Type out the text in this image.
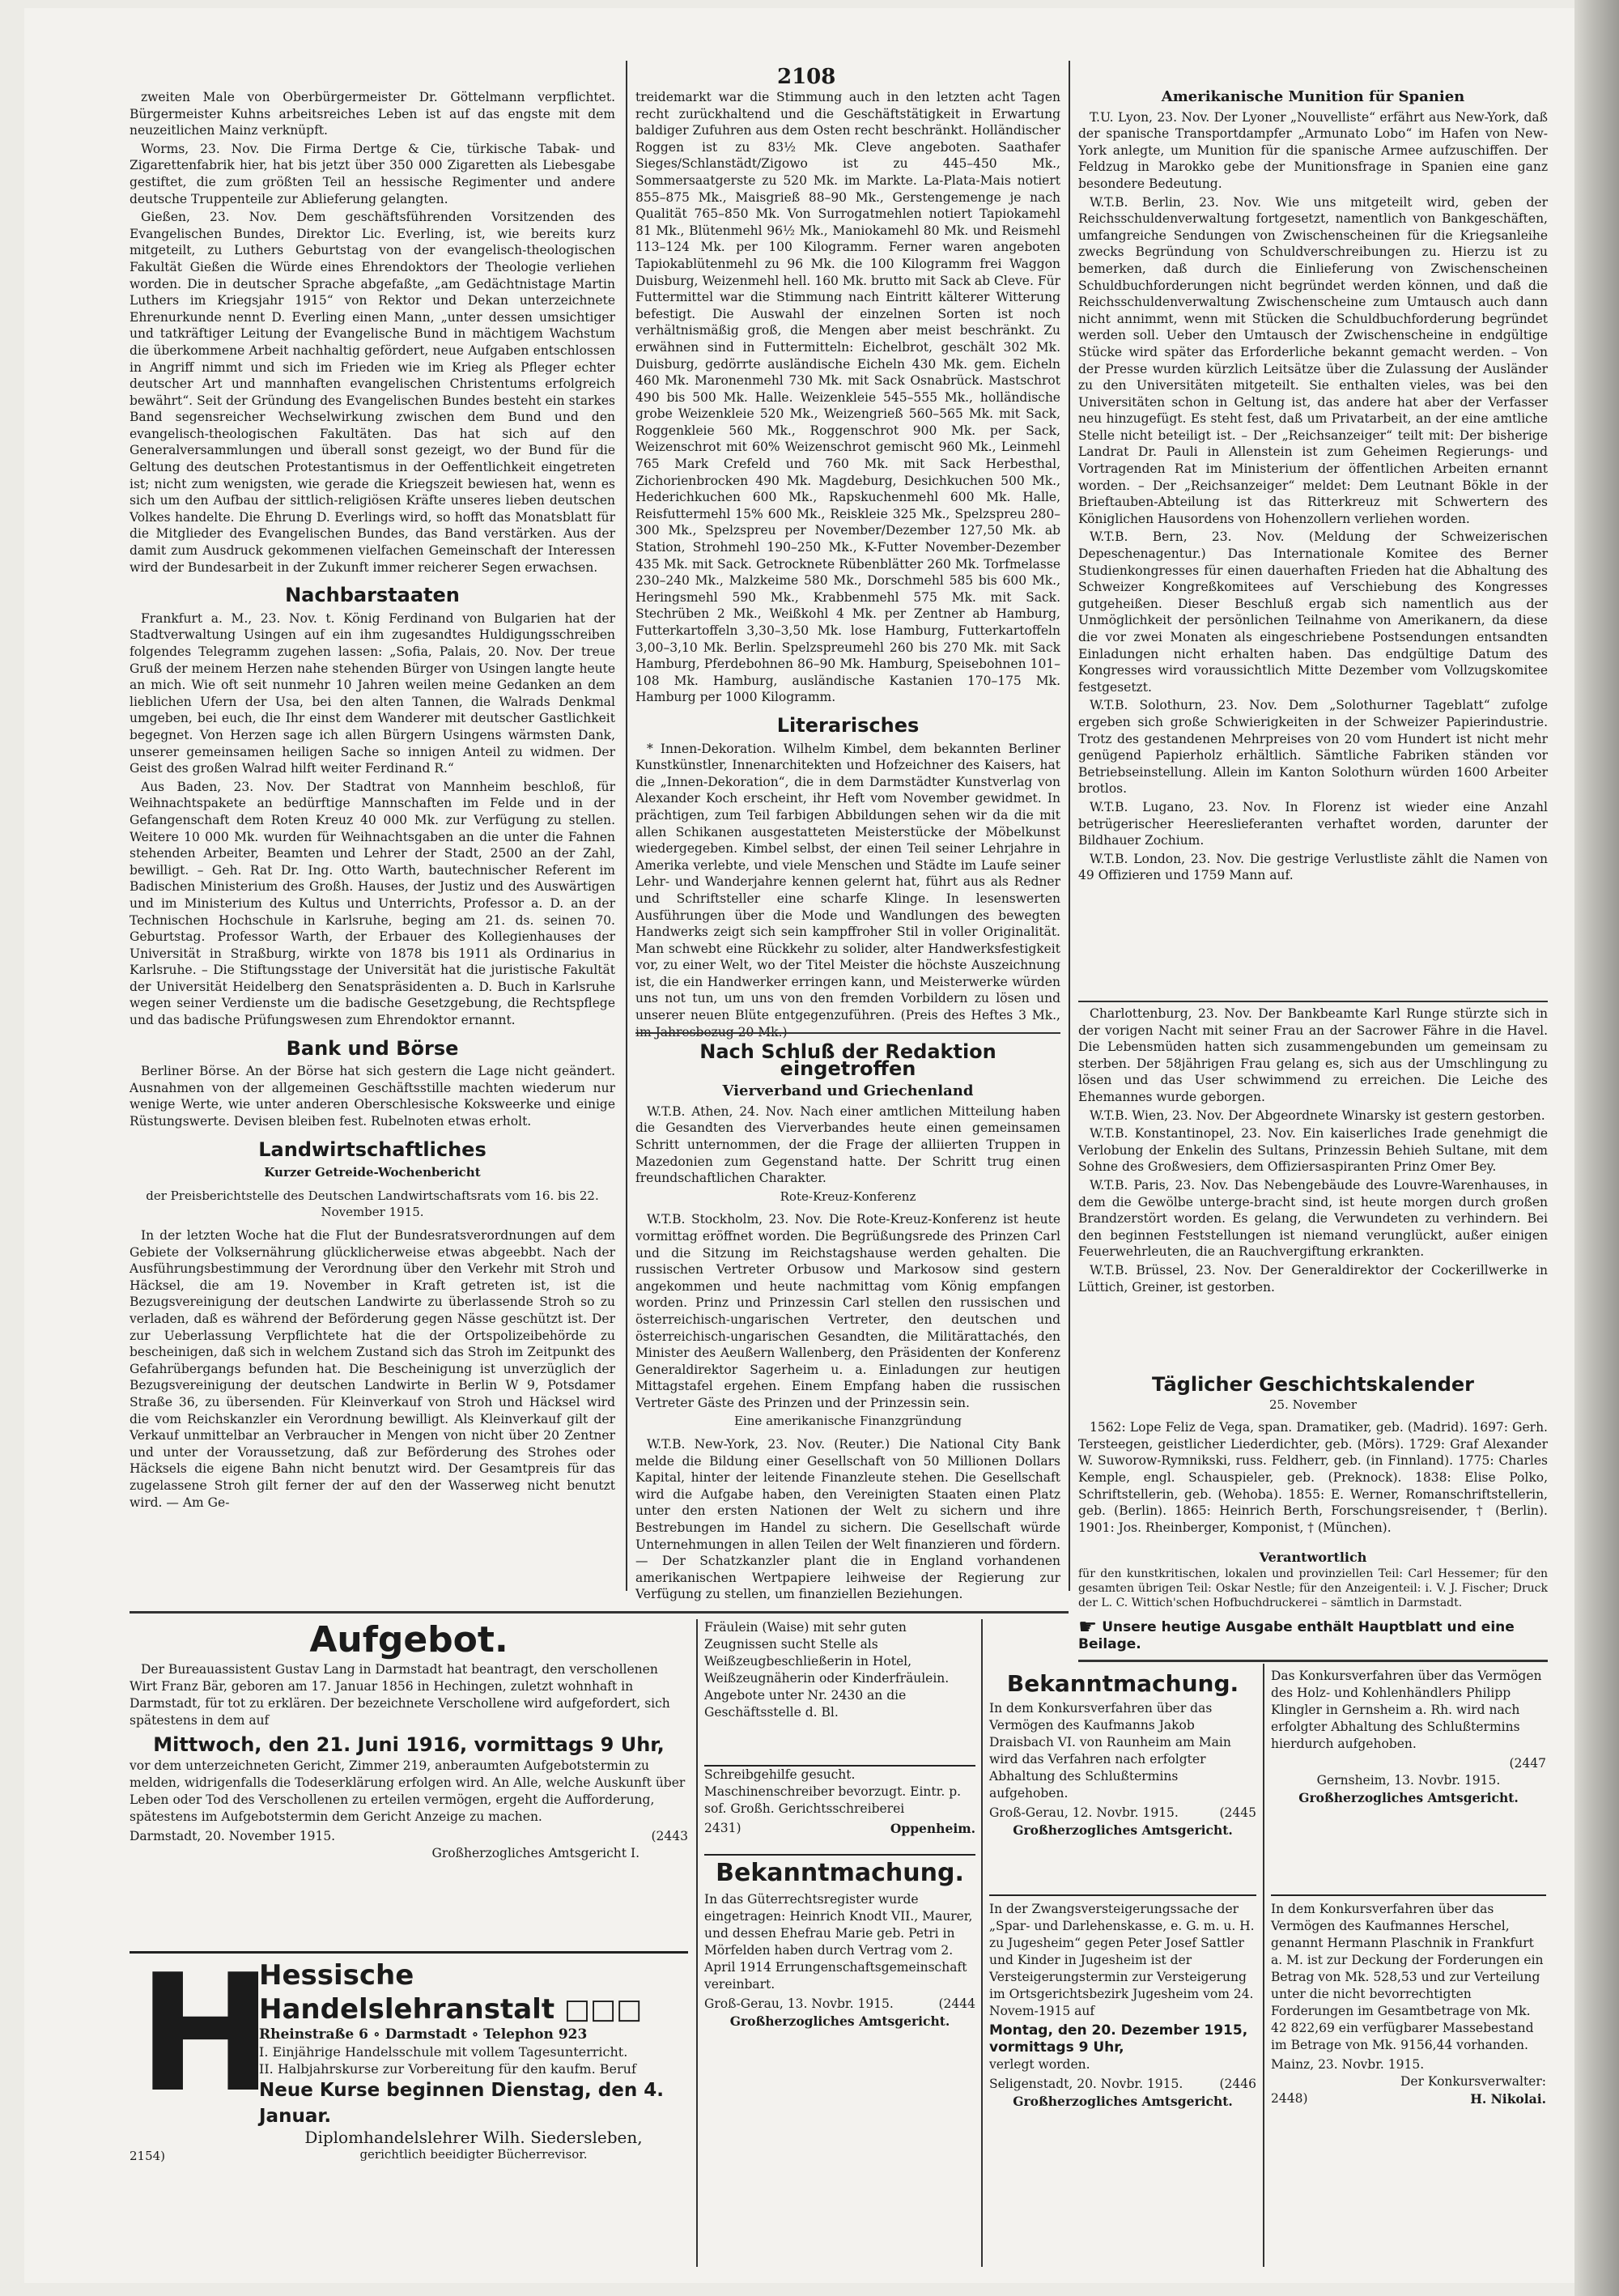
2108

zweiten Male von Oberbürgermeister Dr. Göttelmann verpflichtet. Bürgermeister Kuhns arbeitsreiches Leben ist auf das engste mit dem neuzeitlichen Mainz verknüpft.

Worms, 23. Nov. Die Firma Dertge & Cie, türkische Tabak- und Zigarettenfabrik hier, hat bis jetzt über 350 000 Zigaretten als Liebesgabe gestiftet, die zum größten Teil an hessische Regimenter und andere deutsche Truppenteile zur Ablieferung gelangten.

Gießen, 23. Nov. Dem geschäftsführenden Vorsitzenden des Evangelischen Bundes, Direktor Lic. Everling, ist, wie bereits kurz mitgeteilt, zu Luthers Geburtstag von der evangelisch-theologischen Fakultät Gießen die Würde eines Ehrendoktors der Theologie verliehen worden. Die in deutscher Sprache abgefaßte, „am Gedächtnistage Martin Luthers im Kriegsjahr 1915“ von Rektor und Dekan unterzeichnete Ehrenurkunde nennt D. Everling einen Mann, „unter dessen umsichtiger und tatkräftiger Leitung der Evangelische Bund in mächtigem Wachstum die überkommene Arbeit nachhaltig gefördert, neue Aufgaben entschlossen in Angriff nimmt und sich im Frieden wie im Krieg als Pfleger echter deutscher Art und mannhaften evangelischen Christentums erfolgreich bewährt“. Seit der Gründung des Evangelischen Bundes besteht ein starkes Band segensreicher Wechselwirkung zwischen dem Bund und den evangelisch-theologischen Fakultäten. Das hat sich auf den Generalversammlungen und überall sonst gezeigt, wo der Bund für die Geltung des deutschen Protestantismus in der Oeffentlichkeit eingetreten ist; nicht zum wenigsten, wie gerade die Kriegszeit bewiesen hat, wenn es sich um den Aufbau der sittlich-religiösen Kräfte unseres lieben deutschen Volkes handelte. Die Ehrung D. Everlings wird, so hofft das Monatsblatt für die Mitglieder des Evangelischen Bundes, das Band verstärken. Aus der damit zum Ausdruck gekommenen vielfachen Gemeinschaft der Interessen wird der Bundesarbeit in der Zukunft immer reicherer Segen erwachsen.

Nachbarstaaten

Frankfurt a. M., 23. Nov. t. König Ferdinand von Bulgarien hat der Stadtverwaltung Usingen auf ein ihm zugesandtes Huldigungsschreiben folgendes Telegramm zugehen lassen: „Sofia, Palais, 20. Nov. Der treue Gruß der meinem Herzen nahe stehenden Bürger von Usingen langte heute an mich. Wie oft seit nunmehr 10 Jahren weilen meine Gedanken an dem lieblichen Ufern der Usa, bei den alten Tannen, die Walrads Denkmal umgeben, bei euch, die Ihr einst dem Wanderer mit deutscher Gastlichkeit begegnet. Von Herzen sage ich allen Bürgern Usingens wärmsten Dank, unserer gemeinsamen heiligen Sache so innigen Anteil zu widmen. Der Geist des großen Walrad hilft weiter Ferdinand R.“

Aus Baden, 23. Nov. Der Stadtrat von Mannheim beschloß, für Weihnachtspakete an bedürftige Mannschaften im Felde und in der Gefangenschaft dem Roten Kreuz 40 000 Mk. zur Verfügung zu stellen. Weitere 10 000 Mk. wurden für Weihnachtsgaben an die unter die Fahnen stehenden Arbeiter, Beamten und Lehrer der Stadt, 2500 an der Zahl, bewilligt. – Geh. Rat Dr. Ing. Otto Warth, bautechnischer Referent im Badischen Ministerium des Großh. Hauses, der Justiz und des Auswärtigen und im Ministerium des Kultus und Unterrichts, Professor a. D. an der Technischen Hochschule in Karlsruhe, beging am 21. ds. seinen 70. Geburtstag. Professor Warth, der Erbauer des Kollegienhauses der Universität in Straßburg, wirkte von 1878 bis 1911 als Ordinarius in Karlsruhe. – Die Stiftungsstage der Universität hat die juristische Fakultät der Universität Heidelberg den Senatspräsidenten a. D. Buch in Karlsruhe wegen seiner Verdienste um die badische Gesetzgebung, die Rechtspflege und das badische Prüfungswesen zum Ehrendoktor ernannt.

Bank und Börse

Berliner Börse. An der Börse hat sich gestern die Lage nicht geändert. Ausnahmen von der allgemeinen Geschäftsstille machten wiederum nur wenige Werte, wie unter anderen Oberschlesische Koksweerke und einige Rüstungswerte. Devisen bleiben fest. Rubelnoten etwas erholt.

Landwirtschaftliches
Kurzer Getreide-Wochenbericht
der Preisberichtstelle des Deutschen Landwirtschaftsrats vom 16. bis 22. November 1915.

In der letzten Woche hat die Flut der Bundesratsverordnungen auf dem Gebiete der Volksernährung glücklicherweise etwas abgeebbt. Nach der Ausführungsbestimmung der Verordnung über den Verkehr mit Stroh und Häcksel, die am 19. November in Kraft getreten ist, ist die Bezugsvereinigung der deutschen Landwirte zu überlassende Stroh so zu verladen, daß es während der Beförderung gegen Nässe geschützt ist. Der zur Ueberlassung Verpflichtete hat die der Ortspolizeibehörde zu bescheinigen, daß sich in welchem Zustand sich das Stroh im Zeitpunkt des Gefahrübergangs befunden hat. Die Bescheinigung ist unverzüglich der Bezugsvereinigung der deutschen Landwirte in Berlin W 9, Potsdamer Straße 36, zu übersenden. Für Kleinverkauf von Stroh und Häcksel wird die vom Reichskanzler ein Verordnung bewilligt. Als Kleinverkauf gilt der Verkauf unmittelbar an Verbraucher in Mengen von nicht über 20 Zentner und unter der Voraussetzung, daß zur Beförderung des Strohes oder Häcksels die eigene Bahn nicht benutzt wird. Der Gesamtpreis für das zugelassene Stroh gilt ferner der auf den der Wasserweg nicht benutzt wird. — Am Ge-

treidemarkt war die Stimmung auch in den letzten acht Tagen recht zurückhaltend und die Geschäftstätigkeit in Erwartung baldiger Zufuhren aus dem Osten recht beschränkt. Holländischer Roggen ist zu 83½ Mk. Cleve angeboten. Saathafer Sieges/Schlanstädt/Zigowo ist zu 445–450 Mk., Sommersaatgerste zu 520 Mk. im Markte. La-Plata-Mais notiert 855–875 Mk., Maisgrieß 88–90 Mk., Gerstengemenge je nach Qualität 765–850 Mk. Von Surrogatmehlen notiert Tapiokamehl 81 Mk., Blütenmehl 96½ Mk., Maniokamehl 80 Mk. und Reismehl 113–124 Mk. per 100 Kilogramm. Ferner waren angeboten Tapiokablütenmehl zu 96 Mk. die 100 Kilogramm frei Waggon Duisburg, Weizenmehl hell. 160 Mk. brutto mit Sack ab Cleve. Für Futtermittel war die Stimmung nach Eintritt kälterer Witterung befestigt. Die Auswahl der einzelnen Sorten ist noch verhältnismäßig groß, die Mengen aber meist beschränkt. Zu erwähnen sind in Futtermitteln: Eichelbrot, geschält 302 Mk. Duisburg, gedörrte ausländische Eicheln 430 Mk. gem. Eicheln 460 Mk. Maronenmehl 730 Mk. mit Sack Osnabrück. Mastschrot 490 bis 500 Mk. Halle. Weizenkleie 545–555 Mk., holländische grobe Weizenkleie 520 Mk., Weizengrieß 560–565 Mk. mit Sack, Roggenkleie 560 Mk., Roggenschrot 900 Mk. per Sack, Weizenschrot mit 60% Weizenschrot gemischt 960 Mk., Leinmehl 765 Mark Crefeld und 760 Mk. mit Sack Herbesthal, Zichorienbrocken 490 Mk. Magdeburg, Desichkuchen 500 Mk., Hederichkuchen 600 Mk., Rapskuchenmehl 600 Mk. Halle, Reisfuttermehl 15% 600 Mk., Reiskleie 325 Mk., Spelzspreu 280–300 Mk., Spelzspreu per November/Dezember 127,50 Mk. ab Station, Strohmehl 190–250 Mk., K-Futter November-Dezember 435 Mk. mit Sack. Getrocknete Rübenblätter 260 Mk. Torfmelasse 230–240 Mk., Malzkeime 580 Mk., Dorschmehl 585 bis 600 Mk., Heringsmehl 590 Mk., Krabbenmehl 575 Mk. mit Sack. Stechrüben 2 Mk., Weißkohl 4 Mk. per Zentner ab Hamburg, Futterkartoffeln 3,30–3,50 Mk. lose Hamburg, Futterkartoffeln 3,00–3,10 Mk. Berlin. Spelzspreumehl 260 bis 270 Mk. mit Sack Hamburg, Pferdebohnen 86–90 Mk. Hamburg, Speisebohnen 101–108 Mk. Hamburg, ausländische Kastanien 170–175 Mk. Hamburg per 1000 Kilogramm.

Literarisches

* Innen-Dekoration. Wilhelm Kimbel, dem bekannten Berliner Kunstkünstler, Innenarchitekten und Hofzeichner des Kaisers, hat die „Innen-Dekoration“, die in dem Darmstädter Kunstverlag von Alexander Koch erscheint, ihr Heft vom November gewidmet. In prächtigen, zum Teil farbigen Abbildungen sehen wir da die mit allen Schikanen ausgestatteten Meisterstücke der Möbelkunst wiedergegeben. Kimbel selbst, der einen Teil seiner Lehrjahre in Amerika verlebte, und viele Menschen und Städte im Laufe seiner Lehr- und Wanderjahre kennen gelernt hat, führt aus als Redner und Schriftsteller eine scharfe Klinge. In lesenswerten Ausführungen über die Mode und Wandlungen des bewegten Handwerks zeigt sich sein kampffroher Stil in voller Originalität. Man schwebt eine Rückkehr zu solider, alter Handwerksfestigkeit vor, zu einer Welt, wo der Titel Meister die höchste Auszeichnung ist, die ein Handwerker erringen kann, und Meisterwerke würden uns not tun, um uns von den fremden Vorbildern zu lösen und unserer neuen Blüte entgegenzuführen. (Preis des Heftes 3 Mk.,

Nach Schluß der Redaktion eingetroffen
Vierverband und Griechenland

W.T.B. Athen, 24. Nov. Nach einer amtlichen Mitteilung haben die Gesandten des Vierverbandes heute einen gemeinsamen Schritt unternommen, der die Frage der alliierten Truppen in Mazedonien zum Gegenstand hatte. Der Schritt trug einen freundschaftlichen Charakter.

Rote-Kreuz-Konferenz

W.T.B. Stockholm, 23. Nov. Die Rote-Kreuz-Konferenz ist heute vormittag eröffnet worden. Die Begrüßungsrede des Prinzen Carl und die Sitzung im Reichstagshause werden gehalten. Die russischen Vertreter Orbusow und Markosow sind gestern angekommen und heute nachmittag vom König empfangen worden. Prinz und Prinzessin Carl stellen den russischen und österreichisch-ungarischen Vertreter, den deutschen und österreichisch-ungarischen Gesandten, die Militärattachés, den Minister des Aeußern Wallenberg, den Präsidenten der Konferenz Generaldirektor Sagerheim u. a. Einladungen zur heutigen Mittagstafel ergehen. Einem Empfang haben die russischen Vertreter Gäste des Prinzen und der Prinzessin sein.

Eine amerikanische Finanzgründung

W.T.B. New-York, 23. Nov. (Reuter.) Die National City Bank melde die Bildung einer Gesellschaft von 50 Millionen Dollars Kapital, hinter der leitende Finanzleute stehen. Die Gesellschaft wird die Aufgabe haben, den Vereinigten Staaten einen Platz unter den ersten Nationen der Welt zu sichern und ihre Bestrebungen im Handel zu sichern. Die Gesellschaft würde Unternehmungen in allen Teilen der Welt finanzieren und fördern. — Der Schatzkanzler plant die in England vorhandenen amerikanischen Wertpapiere leihweise der Regierung zur Verfügung zu stellen, um finanziellen Beziehungen.

Amerikanische Munition für Spanien

T.U. Lyon, 23. Nov. Der Lyoner „Nouvelliste“ erfährt aus New-York, daß der spanische Transportdampfer „Armunato Lobo“ im Hafen von New-York anlegte, um Munition für die spanische Armee aufzuschiffen. Der Feldzug in Marokko gebe der Munitionsfrage in Spanien eine ganz besondere Bedeutung.

W.T.B. Berlin, 23. Nov. Wie uns mitgeteilt wird, geben der Reichsschuldenverwaltung fortgesetzt, namentlich von Bankgeschäften, umfangreiche Sendungen von Zwischenscheinen für die Kriegsanleihe zwecks Begründung von Schuldverschreibungen zu. Hierzu ist zu bemerken, daß durch die Einlieferung von Zwischenscheinen Schuldbuchforderungen nicht begründet werden können, und daß die Reichsschuldenverwaltung Zwischenscheine zum Umtausch auch dann nicht annimmt, wenn mit Stücken die Schuldbuchforderung begründet werden soll. Ueber den Umtausch der Zwischenscheine in endgültige Stücke wird später das Erforderliche bekannt gemacht werden. – Von der Presse wurden kürzlich Leitsätze über die Zulassung der Ausländer zu den Universitäten mitgeteilt. Sie enthalten vieles, was bei den Universitäten schon in Geltung ist, das andere hat aber der Verfasser neu hinzugefügt. Es steht fest, daß um Privatarbeit, an der eine amtliche Stelle nicht beteiligt ist. – Der „Reichsanzeiger“ teilt mit: Der bisherige Landrat Dr. Pauli in Allenstein ist zum Geheimen Regierungs- und Vortragenden Rat im Ministerium der öffentlichen Arbeiten ernannt worden. – Der „Reichsanzeiger“ meldet: Dem Leutnant Bökle in der Brieftauben-Abteilung ist das Ritterkreuz mit Schwertern des Königlichen Hausordens von Hohenzollern verliehen worden.

W.T.B. Bern, 23. Nov. (Meldung der Schweizerischen Depeschenagentur.) Das Internationale Komitee des Berner Studienkongresses für einen dauerhaften Frieden hat die Abhaltung des Schweizer Kongreßkomitees auf Verschiebung des Kongresses gutgeheißen. Dieser Beschluß ergab sich namentlich aus der Unmöglichkeit der persönlichen Teilnahme von Amerikanern, da diese die vor zwei Monaten als eingeschriebene Postsendungen entsandten Einladungen nicht erhalten haben. Das endgültige Datum des Kongresses wird voraussichtlich Mitte Dezember vom Vollzugskomitee festgesetzt.

W.T.B. Solothurn, 23. Nov. Dem „Solothurner Tageblatt“ zufolge ergeben sich große Schwierigkeiten in der Schweizer Papierindustrie. Trotz des gestandenen Mehrpreises von 20 vom Hundert ist nicht mehr genügend Papierholz erhältlich. Sämtliche Fabriken ständen vor Betriebseinstellung. Allein im Kanton Solothurn würden 1600 Arbeiter brotlos.

W.T.B. Lugano, 23. Nov. In Florenz ist wieder eine Anzahl betrügerischer Heereslieferanten verhaftet worden, darunter der Bildhauer Zochium.

W.T.B. London, 23. Nov. Die gestrige Verlustliste zählt die Namen von 49 Offizieren und 1759 Mann auf.

Charlottenburg, 23. Nov. Der Bankbeamte Karl Runge stürzte sich in der vorigen Nacht mit seiner Frau an der Sacrower Fähre in die Havel. Die Lebensmüden hatten sich zusammengebunden um gemeinsam zu sterben. Der 58jährigen Frau gelang es, sich aus der Umschlingung zu lösen und das User schwimmend zu erreichen. Die Leiche des Ehemannes wurde geborgen.

W.T.B. Wien, 23. Nov. Der Abgeordnete Winarsky ist gestern gestorben.

W.T.B. Konstantinopel, 23. Nov. Ein kaiserliches Irade genehmigt die Verlobung der Enkelin des Sultans, Prinzessin Behieh Sultane, mit dem Sohne des Großwesiers, dem Offiziersaspiranten Prinz Omer Bey.

W.T.B. Paris, 23. Nov. Das Nebengebäude des Louvre-Warenhauses, in dem die Gewölbe unterge-bracht sind, ist heute morgen durch großen Brandzerstört worden. Es gelang, die Verwundeten zu verhindern. Bei den beginnen Feststellungen ist niemand verunglückt, außer einigen Feuerwehrleuten, die an Rauchvergiftung erkrankten.

W.T.B. Brüssel, 23. Nov. Der Generaldirektor der Cockerillwerke in Lüttich, Greiner, ist gestorben.

Täglicher Geschichtskalender
25. November

1562: Lope Feliz de Vega, span. Dramatiker, geb. (Madrid). 1697: Gerh. Tersteegen, geistlicher Liederdichter, geb. (Mörs). 1729: Graf Alexander W. Suworow-Rymnikski, russ. Feldherr, geb. (in Finnland). 1775: Charles Kemple, engl. Schauspieler, geb. (Preknock). 1838: Elise Polko, Schriftstellerin, geb. (Wehoba). 1855: E. Werner, Romanschriftstellerin, geb. (Berlin). 1865: Heinrich Berth, Forschungsreisender, † (Berlin). 1901: Jos. Rheinberger, Komponist, † (München).

Verantwortlich

für den kunstkritischen, lokalen und provinziellen Teil: Carl Hessemer; für den gesamten übrigen Teil: Oskar Nestle; für den Anzeigenteil: i. V. J. Fischer; Druck der L. C. Wittich'schen Hofbuchdruckerei – sämtlich in Darmstadt.

☛ Unsere heutige Ausgabe enthält Hauptblatt und eine Beilage.
Aufgebot.

Der Bureauassistent Gustav Lang in Darmstadt hat beantragt, den verschollenen Wirt Franz Bär, geboren am 17. Januar 1856 in Hechingen, zuletzt wohnhaft in Darmstadt, für tot zu erklären. Der bezeichnete Verschollene wird aufgefordert, sich spätestens in dem auf

Mittwoch, den 21. Juni 1916, vormittags 9 Uhr,

vor dem unterzeichneten Gericht, Zimmer 219, anberaumten Aufgebotstermin zu melden, widrigenfalls die Todeserklärung erfolgen wird. An Alle, welche Auskunft über Leben oder Tod des Verschollenen zu erteilen vermögen, ergeht die Aufforderung, spätestens im Aufgebotstermin dem Gericht Anzeige zu machen.

Darmstadt, 20. November 1915.	(2443
Großherzogliches Amtsgericht I.
H
Hessische Handelslehranstalt □□□
Rheinstraße 6 ∘ Darmstadt ∘ Telephon 923
I. Einjährige Handelsschule mit vollem Tagesunterricht.
II. Halbjahrskurse zur Vorbereitung für den kaufm. Beruf
Neue Kurse beginnen Dienstag, den 4. Januar.
Diplomhandelslehrer Wilh. Siedersleben,
gerichtlich beeidigter Bücherrevisor.
2154)

Fräulein (Waise) mit sehr guten Zeugnissen sucht Stelle als Weißzeugbeschließerin in Hotel, Weißzeugnäherin oder Kinderfräulein. Angebote unter Nr. 2430 an die Geschäftsstelle d. Bl.

Schreibgehilfe gesucht. Maschinenschreiber bevorzugt. Eintr. p. sof. Großh. Gerichtsschreiberei

2431)	Oppenheim.
Bekanntmachung.

In das Güterrechtsregister wurde eingetragen: Heinrich Knodt VII., Maurer, und dessen Ehefrau Marie geb. Petri in Mörfelden haben durch Vertrag vom 2. April 1914 Errungenschaftsgemeinschaft vereinbart.

Groß-Gerau, 13. Novbr. 1915.	(2444
Großherzogliches Amtsgericht.
Bekanntmachung.

In dem Konkursverfahren über das Vermögen des Kaufmanns Jakob Draisbach VI. von Raunheim am Main wird das Verfahren nach erfolgter Abhaltung des Schlußtermins aufgehoben.

Groß-Gerau, 12. Novbr. 1915.	(2445
Großherzogliches Amtsgericht.

In der Zwangsversteigerungssache der „Spar- und Darlehenskasse, e. G. m. u. H. zu Jugesheim“ gegen Peter Josef Sattler und Kinder in Jugesheim ist der Versteigerungstermin zur Versteigerung im Ortsgerichtsbezirk Jugesheim vom 24. Novem-1915 auf

Montag, den 20. Dezember 1915, vormittags 9 Uhr,

verlegt worden.

Seligenstadt, 20. Novbr. 1915.	(2446
Großherzogliches Amtsgericht.

Das Konkursverfahren über das Vermögen des Holz- und Kohlenhändlers Philipp Klingler in Gernsheim a. Rh. wird nach erfolgter Abhaltung des Schlußtermins hierdurch aufgehoben.

(2447
Gernsheim, 13. Novbr. 1915.
Großherzogliches Amtsgericht.

In dem Konkursverfahren über das Vermögen des Kaufmannes Herschel, genannt Hermann Plaschnik in Frankfurt a. M. ist zur Deckung der Forderungen ein Betrag von Mk. 528,53 und zur Verteilung unter die nicht bevorrechtigten Forderungen im Gesamtbetrage von Mk. 42 822,69 ein verfügbarer Massebestand im Betrage von Mk. 9156,44 vorhanden.

Mainz, 23. Novbr. 1915.
Der Konkursverwalter:
2448)	H. Nikolai.
